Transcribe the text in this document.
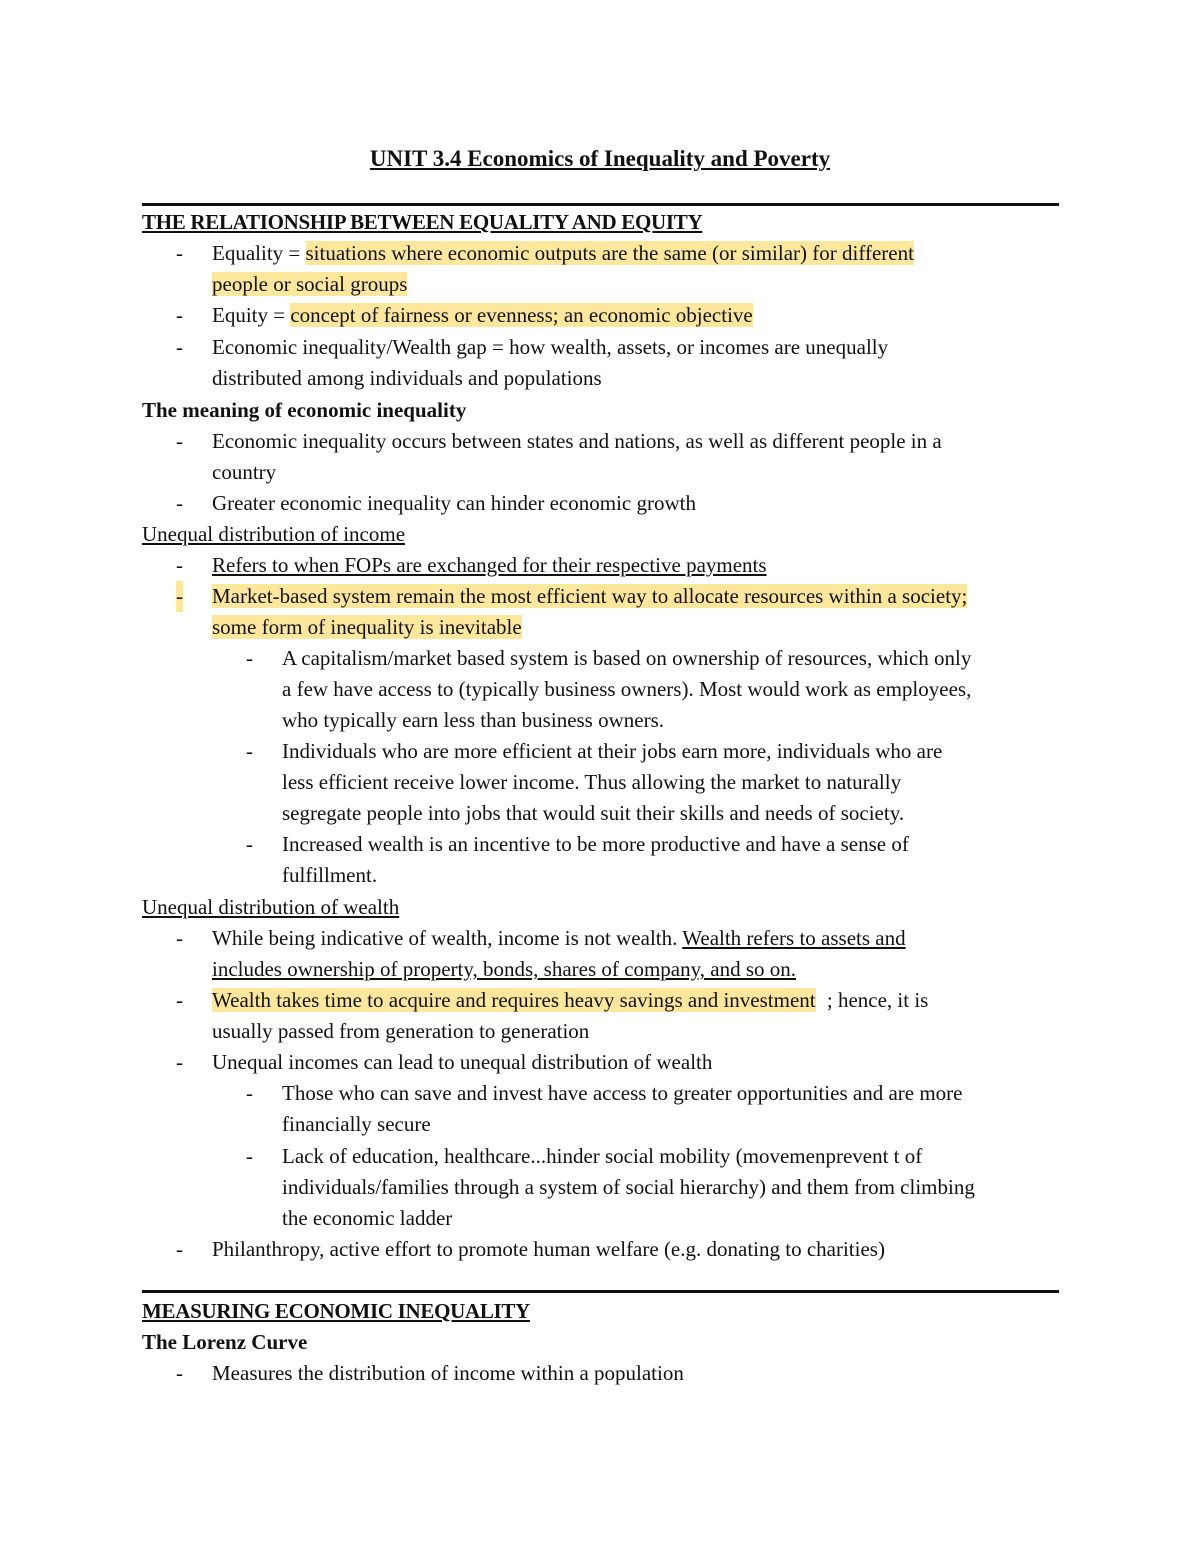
UNIT 3.4 Economics of Inequality and Poverty
THE RELATIONSHIP BETWEEN EQUALITY AND EQUITY
- Equality = situations where economic outputs are the same (or similar) for different
people or social groups
- Equity = concept of fairness or evenness; an economic objective
- Economic inequality/Wealth gap = how wealth, assets, or incomes are unequally
distributed among individuals and populations
The meaning of economic inequality
- Economic inequality occurs between states and nations, as well as different people in a
country
- Greater economic inequality can hinder economic growth
Unequal distribution of income
- Refers to when FOPs are exchanged for their respective payments
- Market-based system remain the most efficient way to allocate resources within a society;
some form of inequality is inevitable
- A capitalism/market based system is based on ownership of resources, which only
a few have access to (typically business owners). Most would work as employees,
who typically earn less than business owners.
- Individuals who are more efficient at their jobs earn more, individuals who are
less efficient receive lower income. Thus allowing the market to naturally
segregate people into jobs that would suit their skills and needs of society.
- Increased wealth is an incentive to be more productive and have a sense of
fulfillment.
Unequal distribution of wealth
- While being indicative of wealth, income is not wealth. Wealth refers to assets and
includes ownership of property, bonds, shares of company, and so on.
- Wealth takes time to acquire and requires heavy savings and investment ; hence, it is
usually passed from generation to generation
- Unequal incomes can lead to unequal distribution of wealth
- Those who can save and invest have access to greater opportunities and are more
financially secure
- Lack of education, healthcare...hinder social mobility (movemenprevent t of
individuals/families through a system of social hierarchy) and them from climbing
the economic ladder
- Philanthropy, active effort to promote human welfare (e.g. donating to charities)
MEASURING ECONOMIC INEQUALITY
The Lorenz Curve
- Measures the distribution of income within a population
